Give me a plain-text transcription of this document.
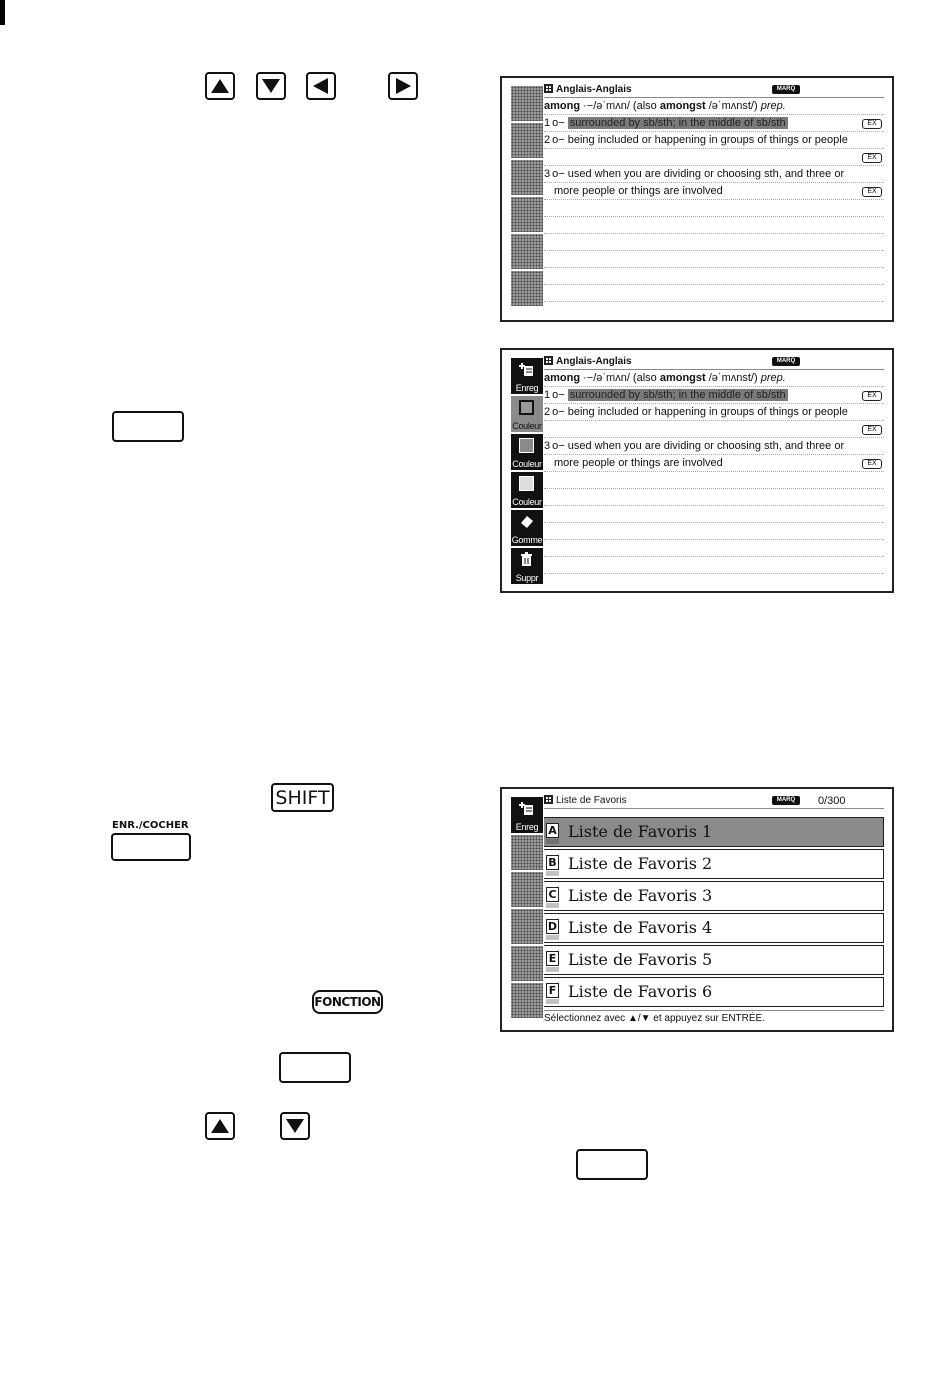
Anglais-Anglais	MARQ
among ·−/əˈmʌn/ (also amongst /əˈmʌnst/) prep.
1 o− surrounded by sb/sth; in the middle of sb/sth	EX
2 o− being included or happening in groups of things or people
EX
3 o− used when you are dividing or choosing sth, and three or
more people or things are involved	EX
Enreg
Couleur
Couleur
Couleur
Gomme
Suppr
Anglais-Anglais	MARQ
among ·−/əˈmʌn/ (also amongst /əˈmʌnst/) prep.
1 o− surrounded by sb/sth; in the middle of sb/sth	EX
2 o− being included or happening in groups of things or people
EX
3 o− used when you are dividing or choosing sth, and three or
more people or things are involved	EX
SHIFT
ENR./COCHER
FONCTION
Enreg
Liste de Favoris	MARQ	0/300
A Liste de Favoris 1
B Liste de Favoris 2
C Liste de Favoris 3
D Liste de Favoris 4
E Liste de Favoris 5
F Liste de Favoris 6
Sélectionnez avec ▲/▼ et appuyez sur ENTRÉE.
